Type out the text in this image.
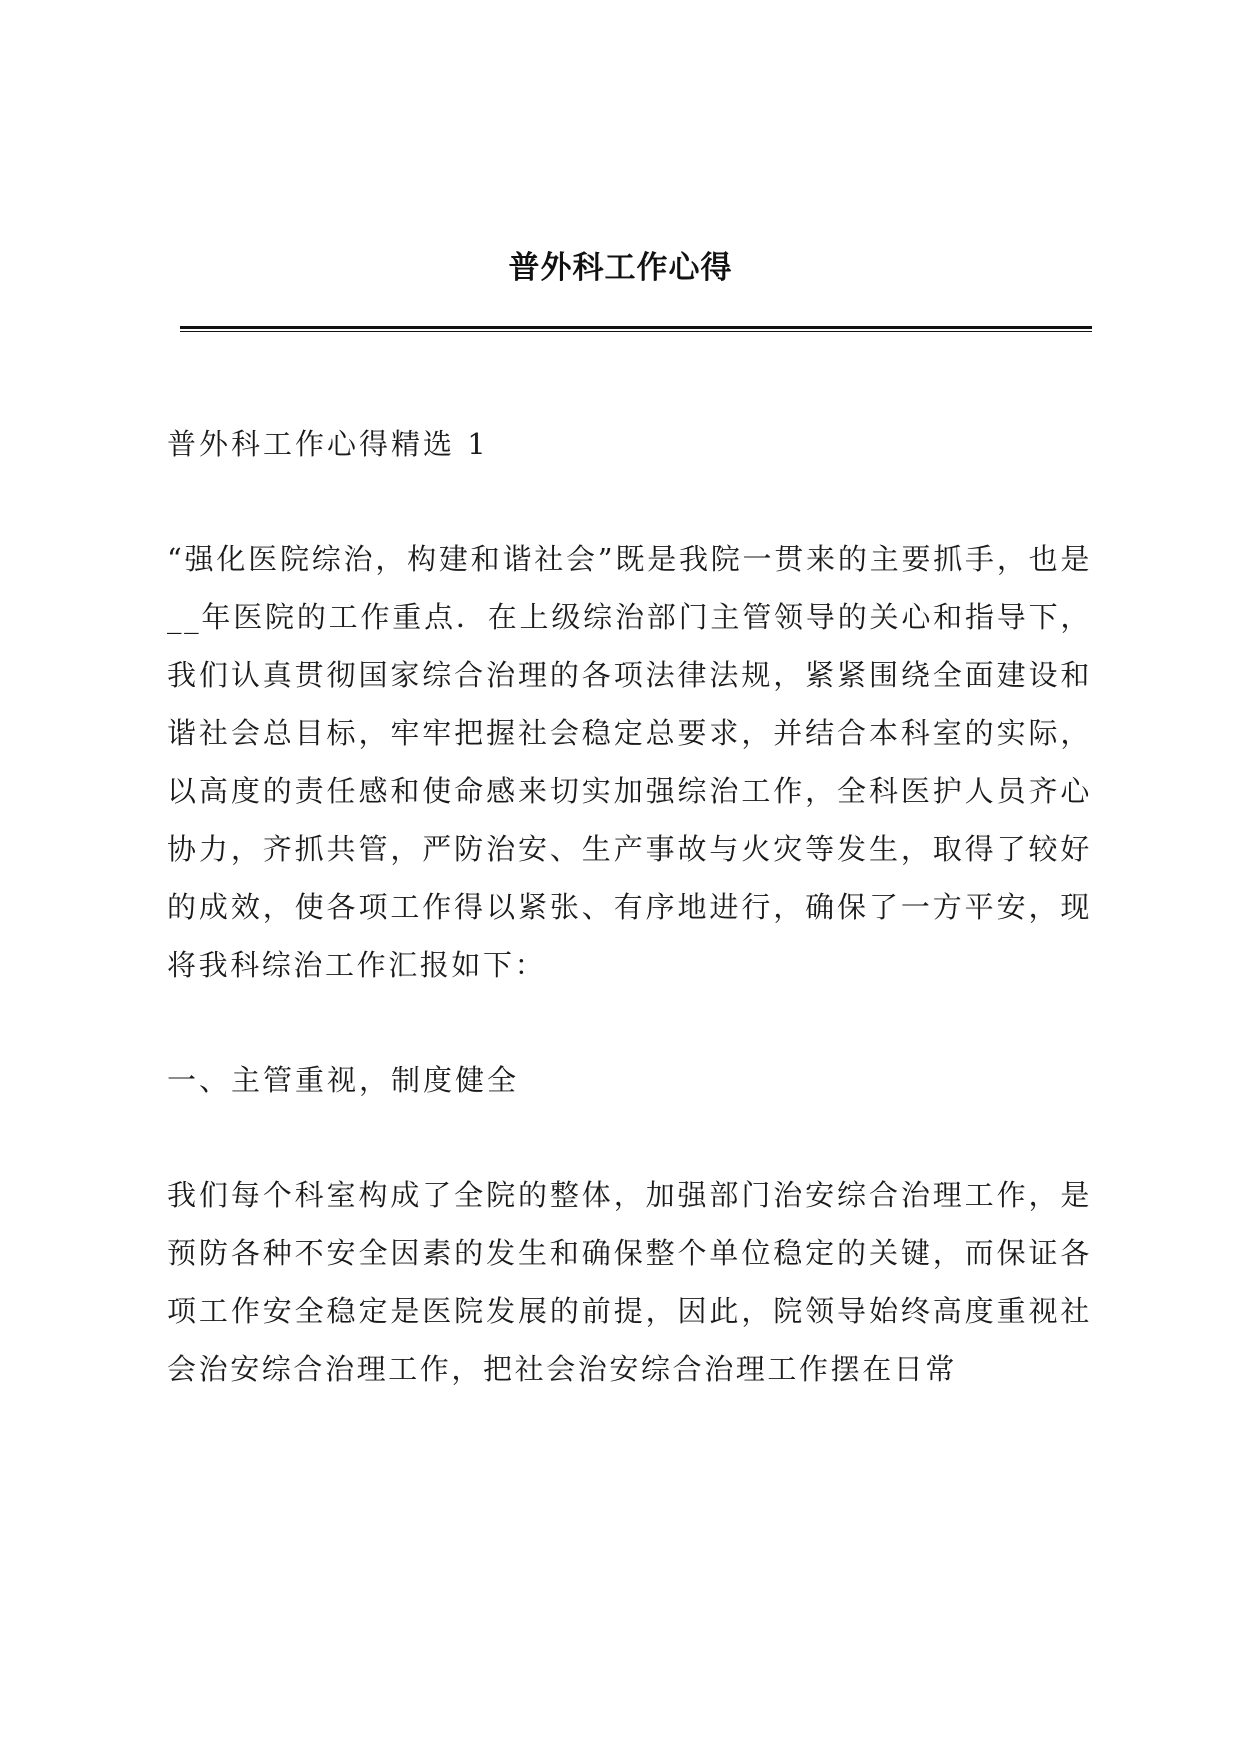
普外科工作心得

普外科工作心得精选 1

“强化医院综治，构建和谐社会”既是我院一贯来的主要抓手，也是__年医院的工作重点．在上级综治部门主管领导的关心和指导下，我们认真贯彻国家综合治理的各项法律法规，紧紧围绕全面建设和谐社会总目标，牢牢把握社会稳定总要求，并结合本科室的实际，以高度的责任感和使命感来切实加强综治工作，全科医护人员齐心协力，齐抓共管，严防治安、生产事故与火灾等发生，取得了较好的成效，使各项工作得以紧张、有序地进行，确保了一方平安，现将我科综治工作汇报如下：

一、主管重视，制度健全

我们每个科室构成了全院的整体，加强部门治安综合治理工作，是预防各种不安全因素的发生和确保整个单位稳定的关键，而保证各项工作安全稳定是医院发展的前提，因此，院领导始终高度重视社会治安综合治理工作，把社会治安综合治理工作摆在日常
